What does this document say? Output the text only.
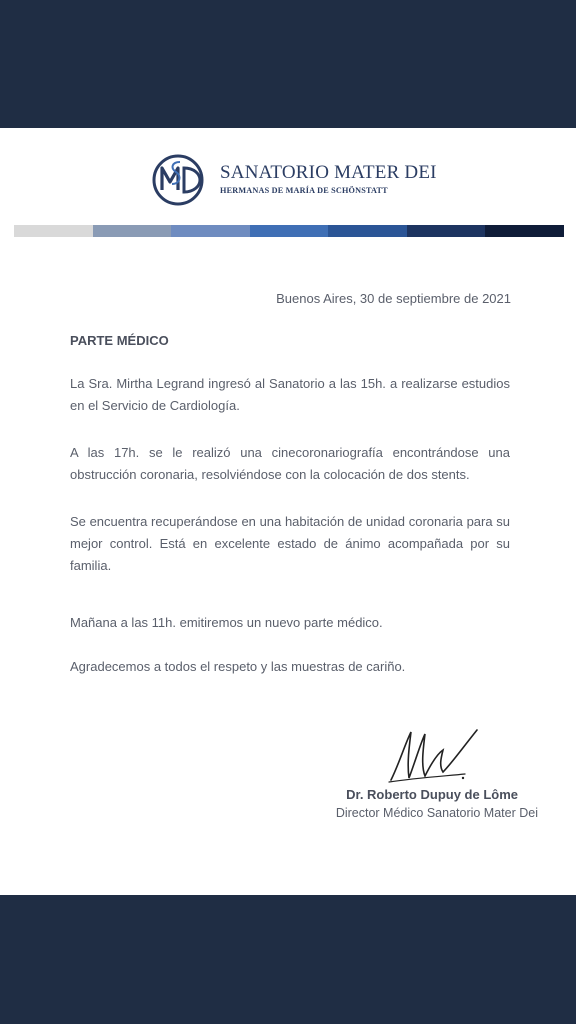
SANATORIO MATER DEI
HERMANAS DE MARÍA DE SCHÖNSTATT
Buenos Aires, 30 de septiembre de 2021
PARTE MÉDICO
La Sra. Mirtha Legrand ingresó al Sanatorio a las 15h. a realizarse estudios en el Servicio de Cardiología.
A las 17h. se le realizó una cinecoronariografía encontrándose una obstrucción coronaria, resolviéndose con la colocación de dos stents.
Se encuentra recuperándose en una habitación de unidad coronaria para su mejor control. Está en excelente estado de ánimo acompañada por su familia.
Mañana a las 11h. emitiremos un nuevo parte médico.
Agradecemos a todos el respeto y las muestras de cariño.
Dr. Roberto Dupuy de Lôme
Director Médico Sanatorio Mater Dei
